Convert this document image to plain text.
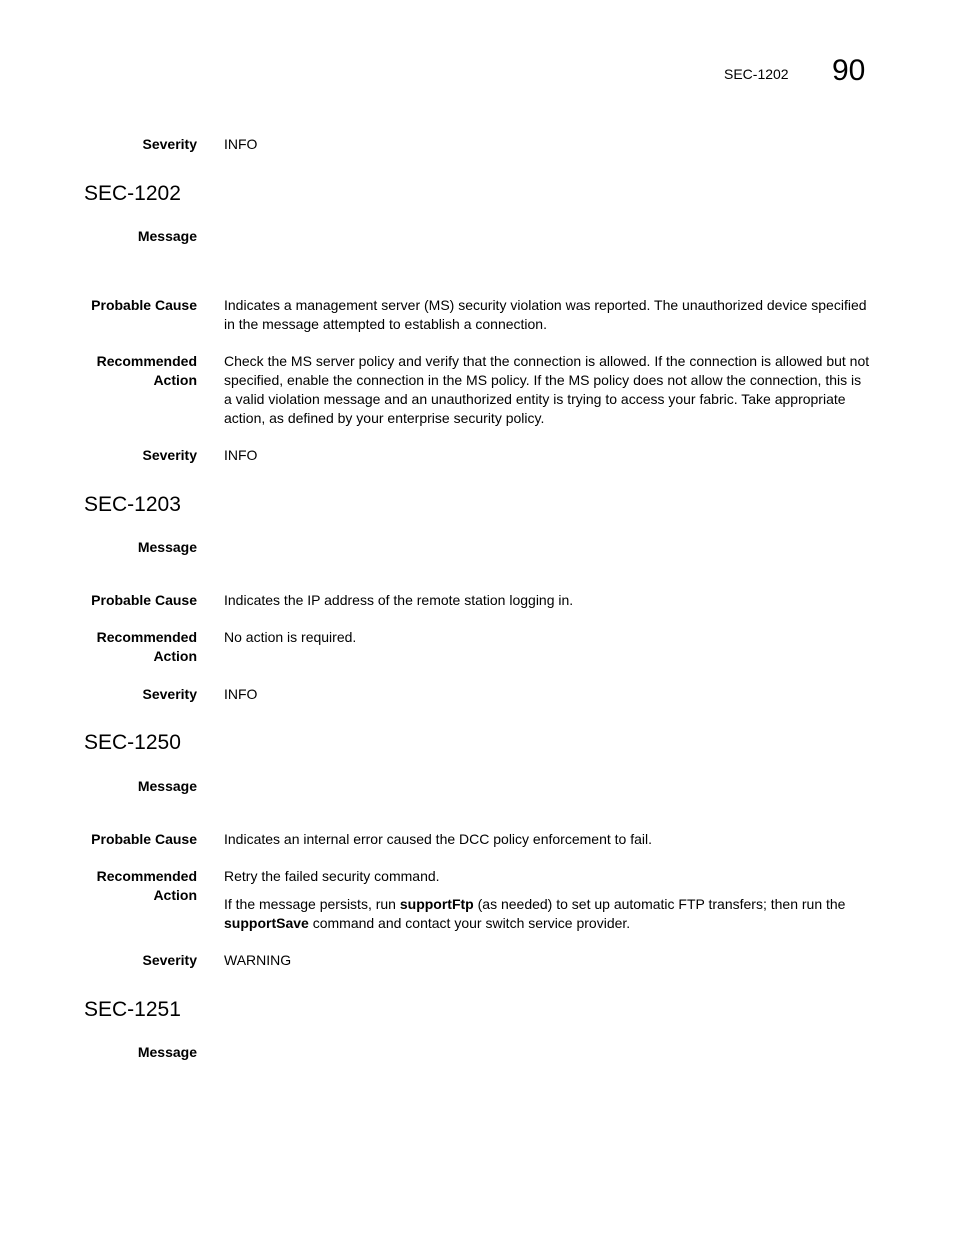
SEC-1202 90
Severity INFO
SEC-1202
Message
Probable Cause Indicates a management server (MS) security violation was reported. The unauthorized device specified in the message attempted to establish a connection.
Recommended
Action
Check the MS server policy and verify that the connection is allowed. If the connection is allowed but not specified, enable the connection in the MS policy. If the MS policy does not allow the connection, this is a valid violation message and an unauthorized entity is trying to access your fabric. Take appropriate action, as defined by your enterprise security policy.
Severity INFO
SEC-1203
Message
Probable Cause Indicates the IP address of the remote station logging in.
Recommended
Action
No action is required.
Severity INFO
SEC-1250
Message
Probable Cause Indicates an internal error caused the DCC policy enforcement to fail.
Recommended
Action
Retry the failed security command.
If the message persists, run supportFtp (as needed) to set up automatic FTP transfers; then run the supportSave command and contact your switch service provider.
Severity WARNING
SEC-1251
Message
